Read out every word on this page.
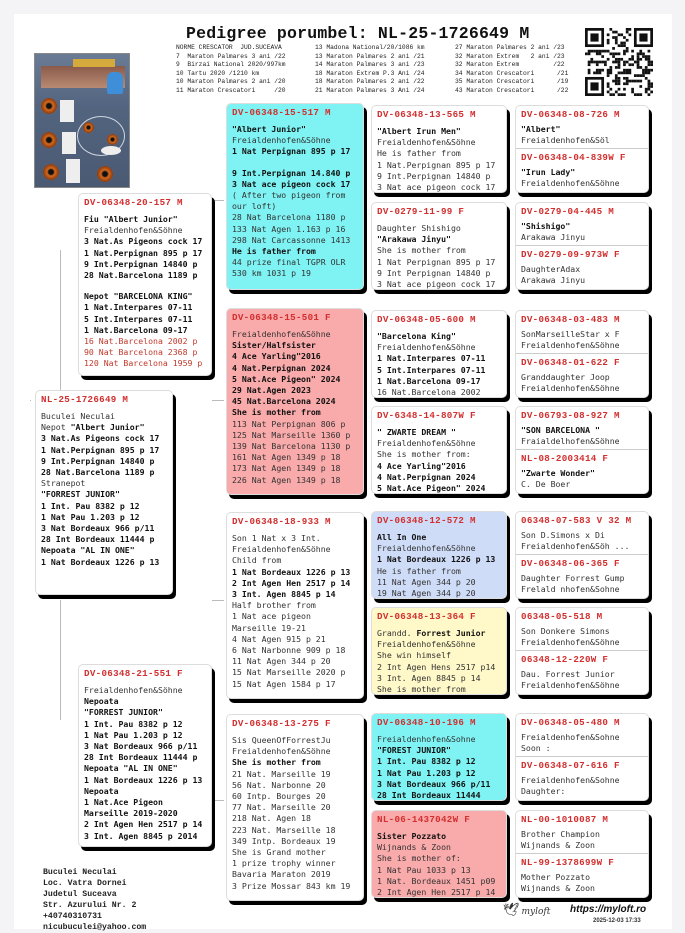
Pedigree porumbel: NL-25-1726649 M
NORME CRESCATOR  JUD.SUCEAVA
7  Maraton Palmares 3 ani /22
9  Birzai National 2020/997km
10 Tartu 2020 /1210 km
10 Maraton Palmares 2 ani /20
11 Maraton Crescatori     /20
13 Madona National/20/1086 km
13 Maraton Palmares 2 ani /21
14 Maraton Palmares 3 ani /23
18 Maraton Extrem P.3 Ani /24
18 Maraton Palmares 2 ani /22
21 Maraton Palmares 3 Ani /24
27 Maraton Palmares 2 ani /23
32 Maraton Extrem   2 ani /23
32 Maraton Extrem         /22
34 Maraton Crescatori      /21
35 Maraton Crescatori      /19
43 Maraton Crescatori      /22
NL-25-1726649 M
Buculei Neculai
Nepot "Albert Junior"
3 Nat.As Pigeons cock 17
1 Nat.Perpignan 895 p 17
9 Int.Perpignan 14840 p
28 Nat.Barcelona 1189 p
Stranepot
"FORREST JUNIOR"
1 Int. Pau 8382 p 12
1 Nat Pau 1.203 p 12
3 Nat Bordeaux 966 p/11
28 Int Bordeaux 11444 p
Nepoata "AL IN ONE"
1 Nat Bordeaux 1226 p 13
DV-06348-20-157 M
Fiu "Albert Junior"
Freialdenhofen&Söhne
3 Nat.As Pigeons cock 17
1 Nat.Perpignan 895 p 17
9 Int.Perpignan 14840 p
28 Nat.Barcelona 1189 p
Nepot "BARCELONA KING"
1 Nat.Interpares 07-11
5 Int.Interpares 07-11
1 Nat.Barcelona 09-17
16 Nat.Barcelona 2002 p
90 Nat Barcelona 2368 p
120 Nat Barcelona 1959 p
DV-06348-21-551 F
Freialdenhofen&Söhne
Nepoata
"FORREST JUNIOR"
1 Int. Pau 8382 p 12
1 Nat Pau 1.203 p 12
3 Nat Bordeaux 966 p/11
28 Int Bordeaux 11444 p
Nepoata "AL IN ONE"
1 Nat Bordeaux 1226 p 13
Nepoata
1 Nat.Ace Pigeon
Marseille 2019-2020
2 Int Agen Hen 2517 p 14
3 Int. Agen 8845 p 2014
DV-06348-15-517 M
"Albert Junior"
Freialdenhofen&Söhne
1 Nat Perpignan 895 p 17
9 Int.Perpignan 14.840 p
3 Nat ace pigeon cock 17
( After two pigeon from
our loft)
28 Nat Barcelona 1180 p
133 Nat Agen 1.163 p 16
298 Nat Carcassonne 1413
He is father from
44 prize final TGPR OLR
530 km 1031 p 19
DV-06348-15-501 F
Freialdenhofen&Söhne
Sister/Halfsister
4 Ace Yarling"2016
4 Nat.Perpignan 2024
5 Nat.Ace Pigeon" 2024
29 Nat.Agen 2023
45 Nat.Barcelona 2024
She is mother from
113 Nat Perpignan 806 p
125 Nat Marseille 1360 p
139 Nat Barcelona 1130 p
161 Nat Agen 1349 p 18
173 Nat Agen 1349 p 18
226 Nat Agen 1349 p 18
DV-06348-18-933 M
Son 1 Nat x 3 Int.
Freialdenhofen&Söhne
Child from
1 Nat Bordeaux 1226 p 13
2 Int Agen Hen 2517 p 14
3 Int. Agen 8845 p 14
Half brother from
1 Nat ace pigeon
Marseille 19-21
4 Nat Agen 915 p 21
6 Nat Narbonne 909 p 18
11 Nat Agen 344 p 20
15 Nat Marseille 2020 p
15 Nat Agen 1584 p 17
DV-06348-13-275 F
Sis QueenOfForrestJu
Freialdenhofen&Söhne
She is mother from
21 Nat. Marseille 19
56 Nat. Narbonne 20
60 Intp. Bourges 20
77 Nat. Marseille 20
218 Nat. Agen 18
223 Nat. Marseille 18
349 Intp. Bordeaux 19
She is Grand mother
1 prize trophy winner
Bavaria Maraton 2019
3 Prize Mossar 843 km 19
DV-06348-13-565 M
"Albert Irun Men"
Freialdenhofen&Söhne
He is father from
1 Nat.Perpignan 895 p 17
9 Int.Perpignan 14840 p
3 Nat ace pigeon cock 17
DV-0279-11-99 F
Daughter Shishigo
"Arakawa Jinyu"
She is mother from
1 Nat Perpignan 895 p 17
9 Int Perpignan 14840 p
3 Nat ace pigeon cock 17
DV-06348-05-600 M
"Barcelona King"
Freialdenhofen&Söhne
1 Nat.Interpares 07-11
5 Int.Interpares 07-11
1 Nat.Barcelona 09-17
16 Nat.Barcelona 2002
DV-6348-14-807W F
" ZWARTE DREAM "
Freialdenhofen&Söhne
She is mother from:
4 Ace Yarling"2016
4 Nat.Perpignan 2024
5 Nat.Ace Pigeon" 2024
DV-06348-12-572 M
All In One
Freialdenhofen&Söhne
1 Nat Bordeaux 1226 p 13
He is father from
11 Nat Agen 344 p 20
19 Nat Agen 344 p 20
DV-06348-13-364 F
Grandd. Forrest Junior
Freialdenhofen&Söhne
She win himself
2 Int Agen Hens 2517 p14
3 Int. Agen 8845 p 14
She is mother from
DV-06348-10-196 M
Freialdenhofen&Sohne
"FOREST JUNIOR"
1 Int. Pau 8382 p 12
1 Nat Pau 1.203 p 12
3 Nat Bordeaux 966 p/11
28 Int Bordeaux 11444
NL-06-1437042W F
Sister Pozzato
Wijnands & Zoon
She is mother of:
1 Nat Pau 1033 p 13
1 Nat. Bordeaux 1451 p09
2 Int Agen Hen 2517 p 14
DV-06348-08-726 M
"Albert"
Freialdenhofen&Söl
DV-06348-04-839W F
"Irun Lady"
Freialdenhofen&Söhne
DV-0279-04-445 M
"Shishigo"
Arakawa Jinyu
DV-0279-09-973W F
DaughterAdax
Arakawa Jinyu
DV-06348-03-483 M
SonMarseilleStar x F
Freialdenhofen&Söhne
DV-06348-01-622 F
Granddaughter Joop
Freialdenhofen&Söhne
DV-06793-08-927 M
"SON BARCELONA "
Fraialdelhofen&Söhne
NL-08-2003414 F
"Zwarte Wonder"
C. De Boer
06348-07-583 V 32 M
Son D.Simons x Di
Freialdenhofen&Söh ...
DV-06348-06-365 F
Daughter Forrest Gump
Frelald nhofen&Sohne
06348-05-518 M
Son Donkere Simons
Freialdenhofen&Söhne
06348-12-220W F
Dau. Forrest Junior
Freialdenhofen&Söhne
DV-06348-05-480 M
Freialdenhofen&Sohne
Soon :
DV-06348-07-616 F
Freialdenhofen&Sohne
Daughter:
NL-00-1010087 M
Brother Champion
Wijnands & Zoon
NL-99-1378699W F
Mother Pozzato
Wijnands & Zoon
Buculei Neculai
Loc. Vatra Dornei
Judetul Suceava
Str. Azurului Nr. 2
+40740310731
nicubuculei@yahoo.com
🕊 myloft https://myloft.ro
2025-12-03 17:33
